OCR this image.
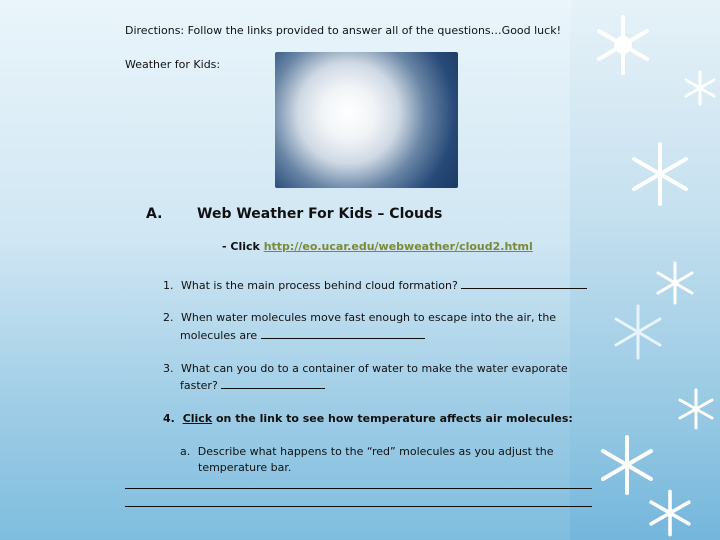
Directions: Follow the links provided to answer all of the questions…Good luck!
Weather for Kids:
A. Web Weather For Kids – Clouds
- Click http://eo.ucar.edu/webweather/cloud2.html
1. What is the main process behind cloud formation?
2. When water molecules move fast enough to escape into the air, the
molecules are
3. What can you do to a container of water to make the water evaporate
faster?
4. Click on the link to see how temperature affects air molecules:
a. Describe what happens to the “red” molecules as you adjust the
temperature bar.
